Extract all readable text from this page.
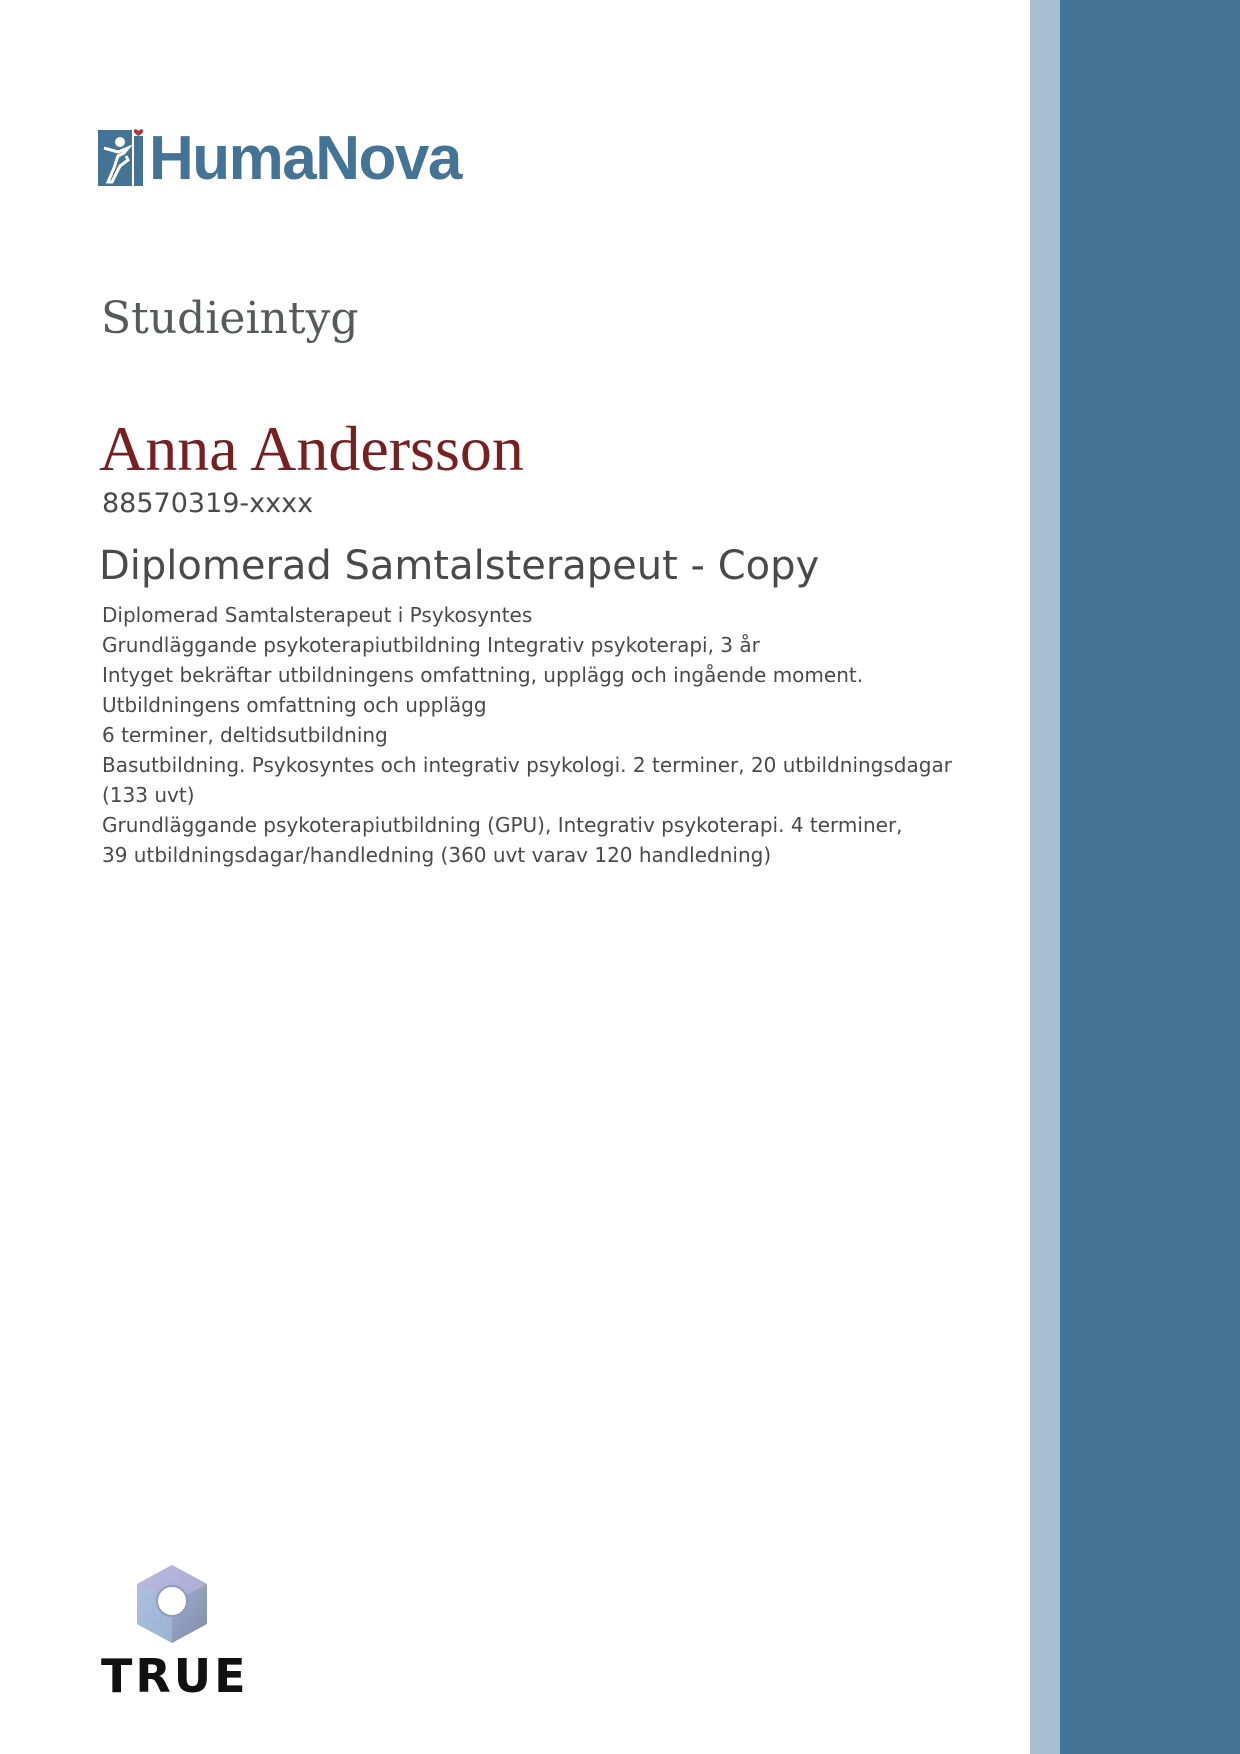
HumaNova
Studieintyg
Anna Andersson
88570319-xxxx
Diplomerad Samtalsterapeut - Copy
Diplomerad Samtalsterapeut i Psykosyntes
Grundläggande psykoterapiutbildning Integrativ psykoterapi, 3 år
Intyget bekräftar utbildningens omfattning, upplägg och ingående moment.
Utbildningens omfattning och upplägg
6 terminer, deltidsutbildning
Basutbildning. Psykosyntes och integrativ psykologi. 2 terminer, 20 utbildningsdagar (133 uvt)
Grundläggande psykoterapiutbildning (GPU), Integrativ psykoterapi. 4 terminer,
39 utbildningsdagar/handledning (360 uvt varav 120 handledning)
TRUE
